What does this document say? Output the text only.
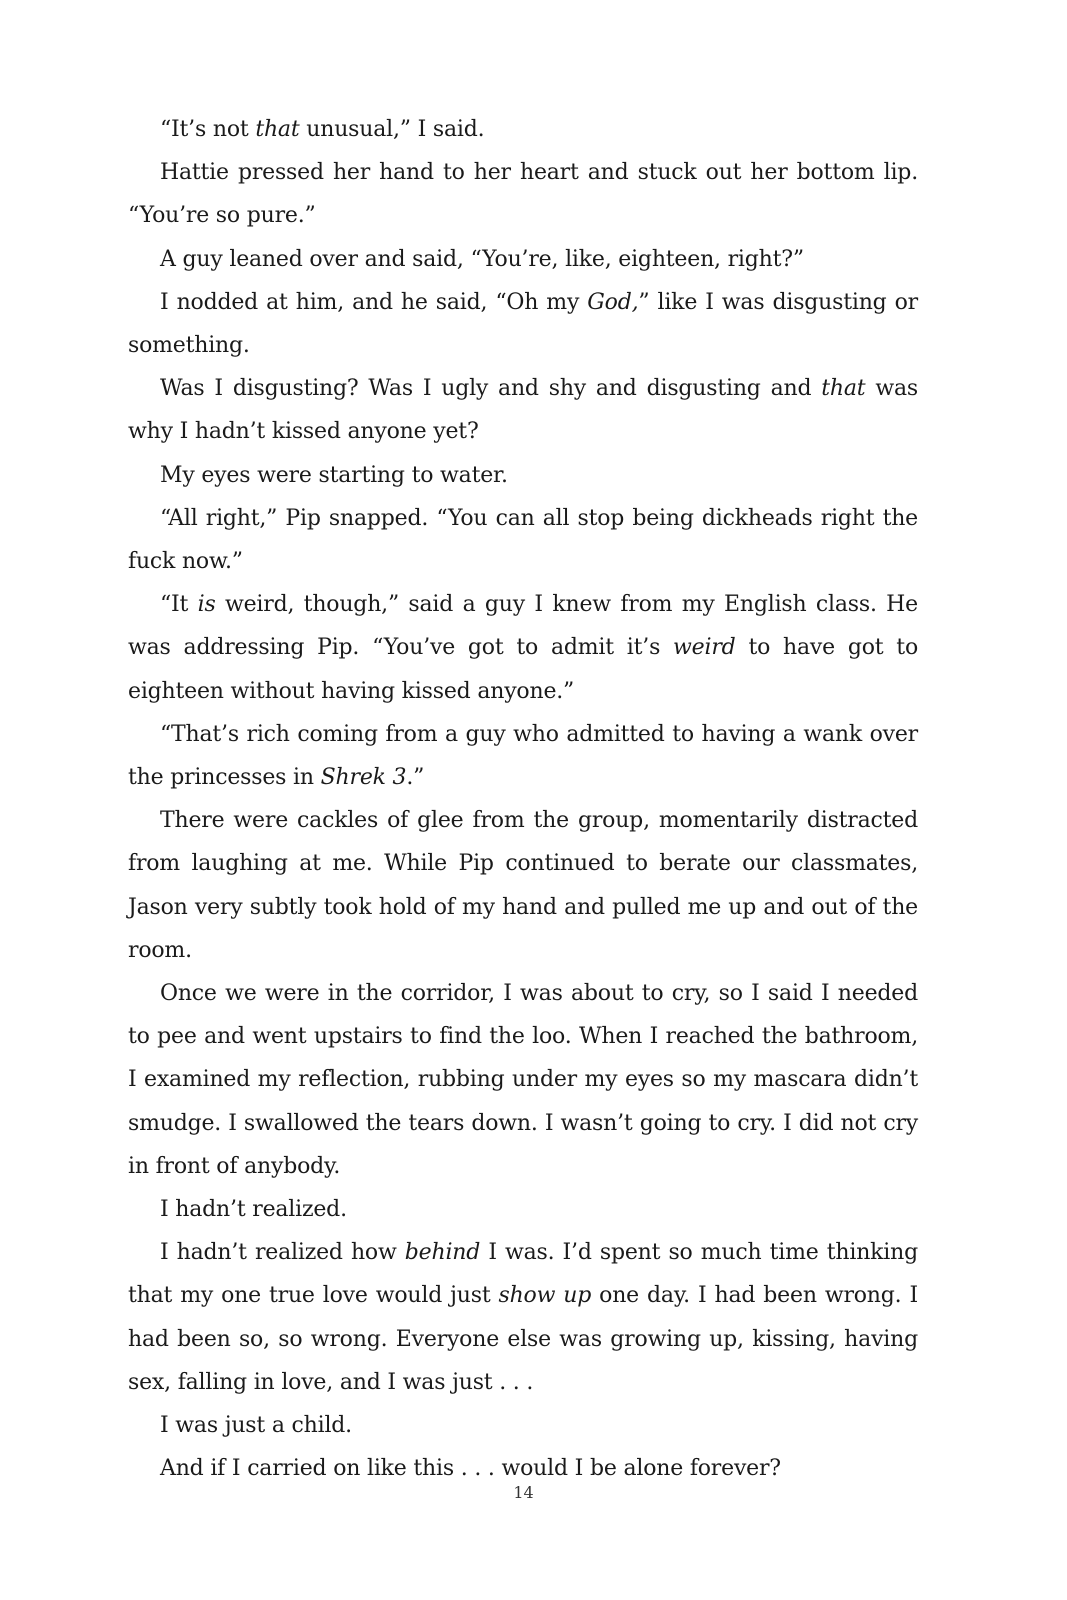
“It’s not that unusual,” I said.

Hattie pressed her hand to her heart and stuck out her bottom lip. “You’re so pure.”

A guy leaned over and said, “You’re, like, eighteen, right?”

I nodded at him, and he said, “Oh my God,” like I was disgusting or something.

Was I disgusting? Was I ugly and shy and disgusting and that was why I hadn’t kissed anyone yet?

My eyes were starting to water.

“All right,” Pip snapped. “You can all stop being dickheads right the fuck now.”

“It is weird, though,” said a guy I knew from my English class. He was addressing Pip. “You’ve got to admit it’s weird to have got to eighteen without having kissed anyone.”

“That’s rich coming from a guy who admitted to having a wank over the princesses in Shrek 3.”

There were cackles of glee from the group, momentarily distracted from laughing at me. While Pip continued to berate our classmates, Jason very subtly took hold of my hand and pulled me up and out of the room.

Once we were in the corridor, I was about to cry, so I said I needed to pee and went upstairs to find the loo. When I reached the bathroom, I examined my reflection, rubbing under my eyes so my mascara didn’t smudge. I swallowed the tears down. I wasn’t going to cry. I did not cry in front of anybody.

I hadn’t realized.

I hadn’t realized how behind I was. I’d spent so much time thinking that my one true love would just show up one day. I had been wrong. I had been so, so wrong. Everyone else was growing up, kissing, having sex, falling in love, and I was just . . .

I was just a child.

And if I carried on like this . . . would I be alone forever?

14
